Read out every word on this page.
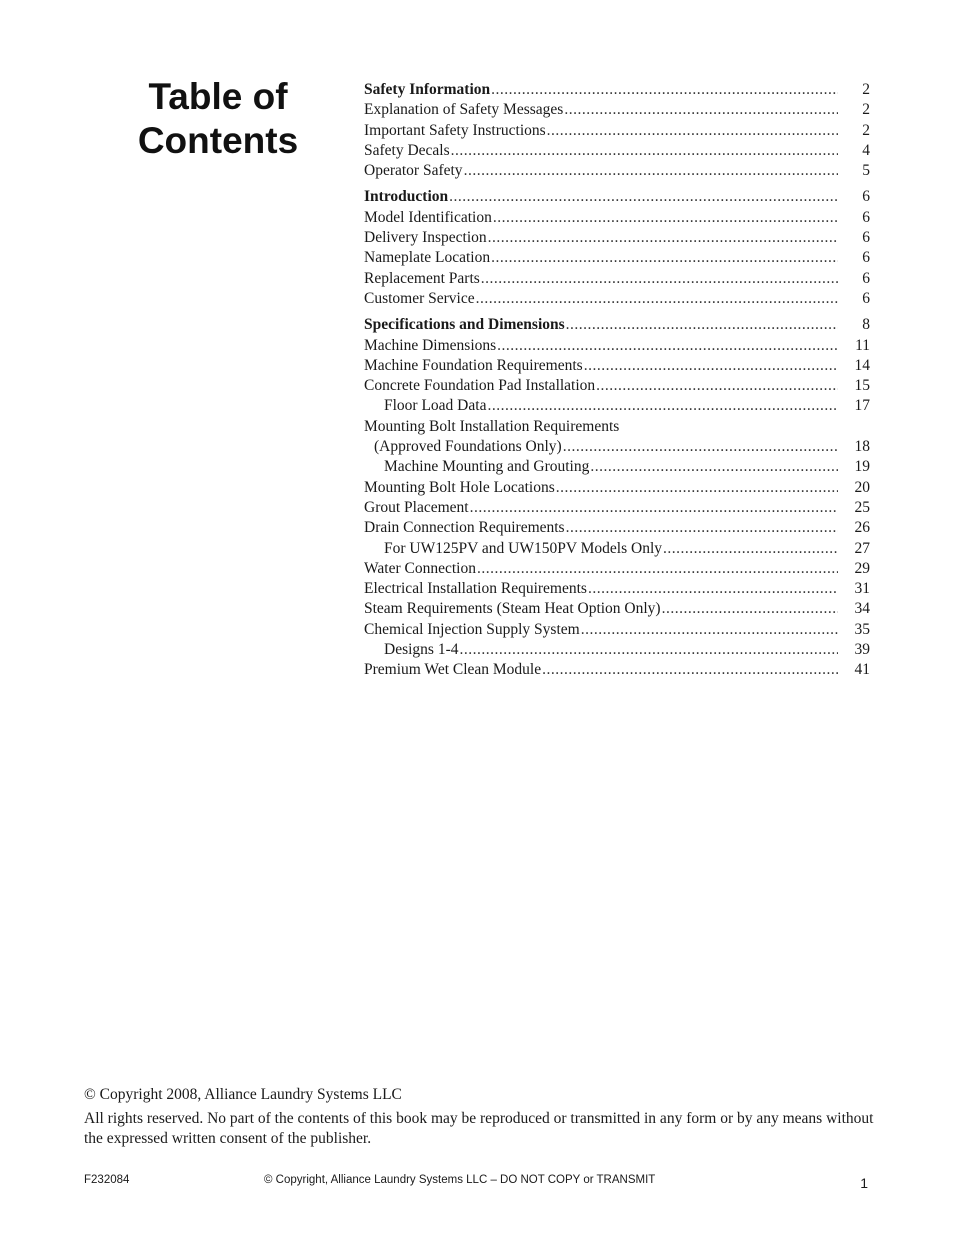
Table of
Contents
Safety Information .....	2
Explanation of Safety Messages .....	2
Important Safety Instructions .....	2
Safety Decals .....	4
Operator Safety .....	5
Introduction .....	6
Model Identification .....	6
Delivery Inspection .....	6
Nameplate Location .....	6
Replacement Parts .....	6
Customer Service .....	6
Specifications and Dimensions .....	8
Machine Dimensions .....	11
Machine Foundation Requirements .....	14
Concrete Foundation Pad Installation .....	15
Floor Load Data .....	17
Mounting Bolt Installation Requirements
(Approved Foundations Only) .....	18
Machine Mounting and Grouting .....	19
Mounting Bolt Hole Locations .....	20
Grout Placement .....	25
Drain Connection Requirements .....	26
For UW125PV and UW150PV Models Only .....	27
Water Connection .....	29
Electrical Installation Requirements .....	31
Steam Requirements (Steam Heat Option Only) .....	34
Chemical Injection Supply System .....	35
Designs 1-4 .....	39
Premium Wet Clean Module .....	41
© Copyright 2008, Alliance Laundry Systems LLC
All rights reserved. No part of the contents of this book may be reproduced or transmitted in any form or by any means without the expressed written consent of the publisher.
F232084	© Copyright, Alliance Laundry Systems LLC – DO NOT COPY or TRANSMIT	1
